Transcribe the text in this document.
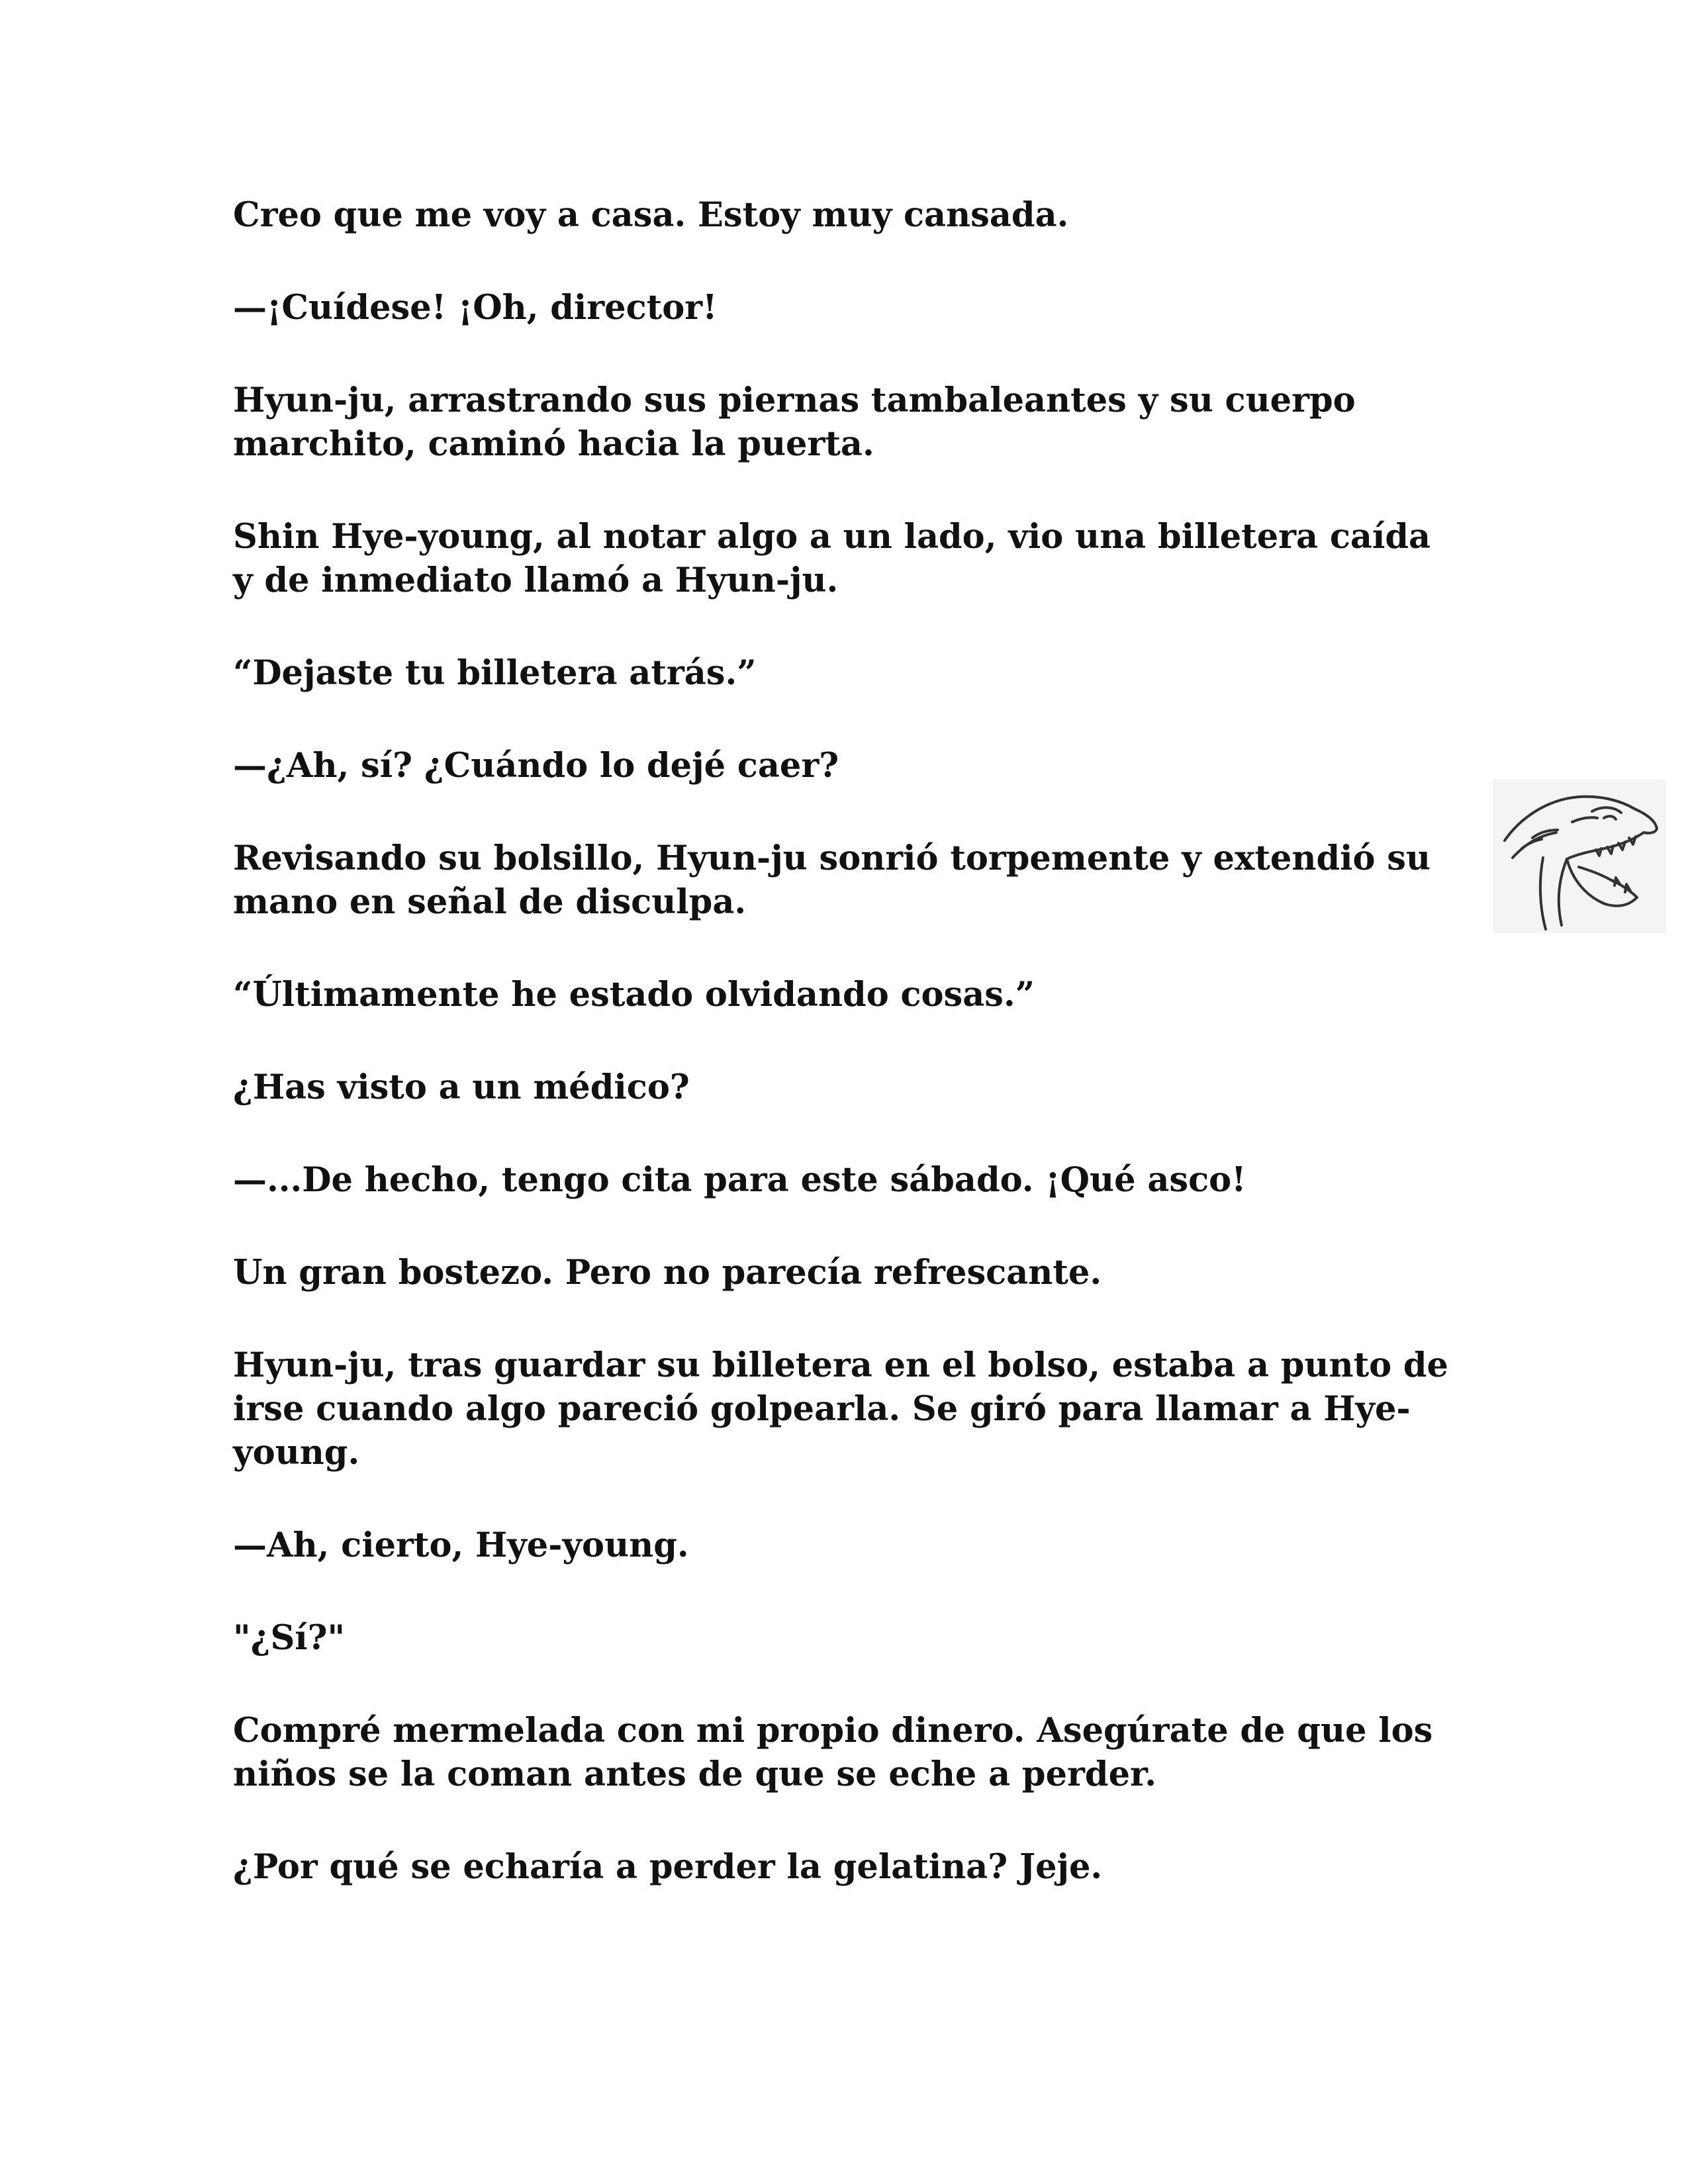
Creo que me voy a casa. Estoy muy cansada.

—¡Cuídese! ¡Oh, director!

Hyun-ju, arrastrando sus piernas tambaleantes y su cuerpo marchito, caminó hacia la puerta.

Shin Hye-young, al notar algo a un lado, vio una billetera caída y de inmediato llamó a Hyun-ju.

“Dejaste tu billetera atrás.”

—¿Ah, sí? ¿Cuándo lo dejé caer?

Revisando su bolsillo, Hyun-ju sonrió torpemente y extendió su mano en señal de disculpa.

“Últimamente he estado olvidando cosas.”

¿Has visto a un médico?

—...De hecho, tengo cita para este sábado. ¡Qué asco!

Un gran bostezo. Pero no parecía refrescante.

Hyun-ju, tras guardar su billetera en el bolso, estaba a punto de irse cuando algo pareció golpearla. Se giró para llamar a Hye-young.

—Ah, cierto, Hye-young.

"¿Sí?"

Compré mermelada con mi propio dinero. Asegúrate de que los niños se la coman antes de que se eche a perder.

¿Por qué se echaría a perder la gelatina? Jeje.
